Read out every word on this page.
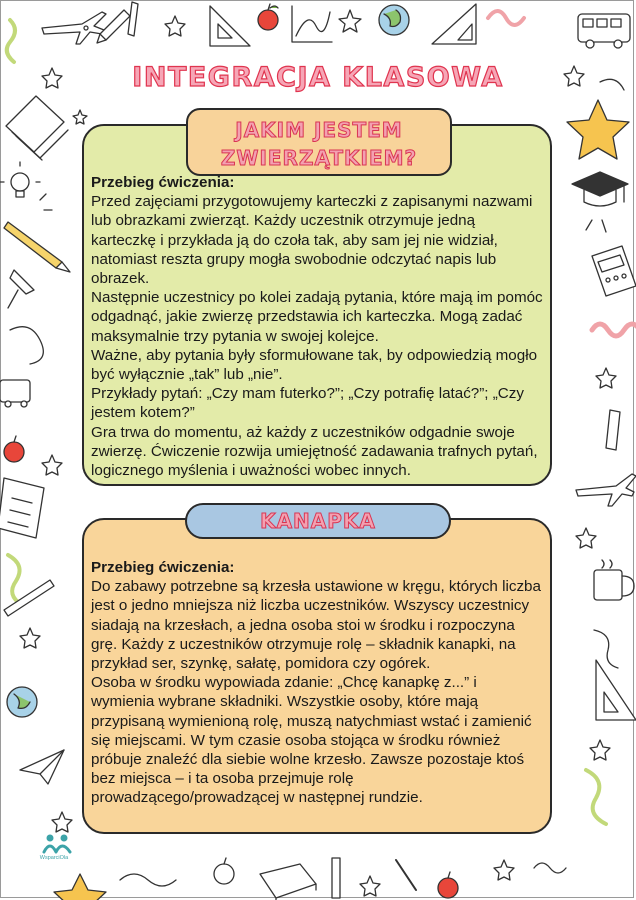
INTEGRACJA KLASOWA
JAKIM JESTEM
ZWIERZĄTKIEM?

Przebieg ćwiczenia:

Przed zajęciami przygotowujemy karteczki z zapisanymi nazwami lub obrazkami zwierząt. Każdy uczestnik otrzymuje jedną karteczkę i przykłada ją do czoła tak, aby sam jej nie widział, natomiast reszta grupy mogła swobodnie odczytać napis lub obrazek.

Następnie uczestnicy po kolei zadają pytania, które mają im pomóc odgadnąć, jakie zwierzę przedstawia ich karteczka. Mogą zadać maksymalnie trzy pytania w swojej kolejce.

Ważne, aby pytania były sformułowane tak, by odpowiedzią mogło być wyłącznie „tak” lub „nie”.

Przykłady pytań: „Czy mam futerko?”; „Czy potrafię latać?”; „Czy jestem kotem?”

Gra trwa do momentu, aż każdy z uczestników odgadnie swoje zwierzę. Ćwiczenie rozwija umiejętność zadawania trafnych pytań, logicznego myślenia i uważności wobec innych.

KANAPKA

Przebieg ćwiczenia:

Do zabawy potrzebne są krzesła ustawione w kręgu, których liczba jest o jedno mniejsza niż liczba uczestników. Wszyscy uczestnicy siadają na krzesłach, a jedna osoba stoi w środku i rozpoczyna grę. Każdy z uczestników otrzymuje rolę – składnik kanapki, na przykład ser, szynkę, sałatę, pomidora czy ogórek.

Osoba w środku wypowiada zdanie: „Chcę kanapkę z...” i wymienia wybrane składniki. Wszystkie osoby, które mają przypisaną wymienioną rolę, muszą natychmiast wstać i zamienić się miejscami. W tym czasie osoba stojąca w środku również próbuje znaleźć dla siebie wolne krzesło. Zawsze pozostaje ktoś bez miejsca – i ta osoba przejmuje rolę prowadzącego/prowadzącej w następnej rundzie.

WsparciOla
